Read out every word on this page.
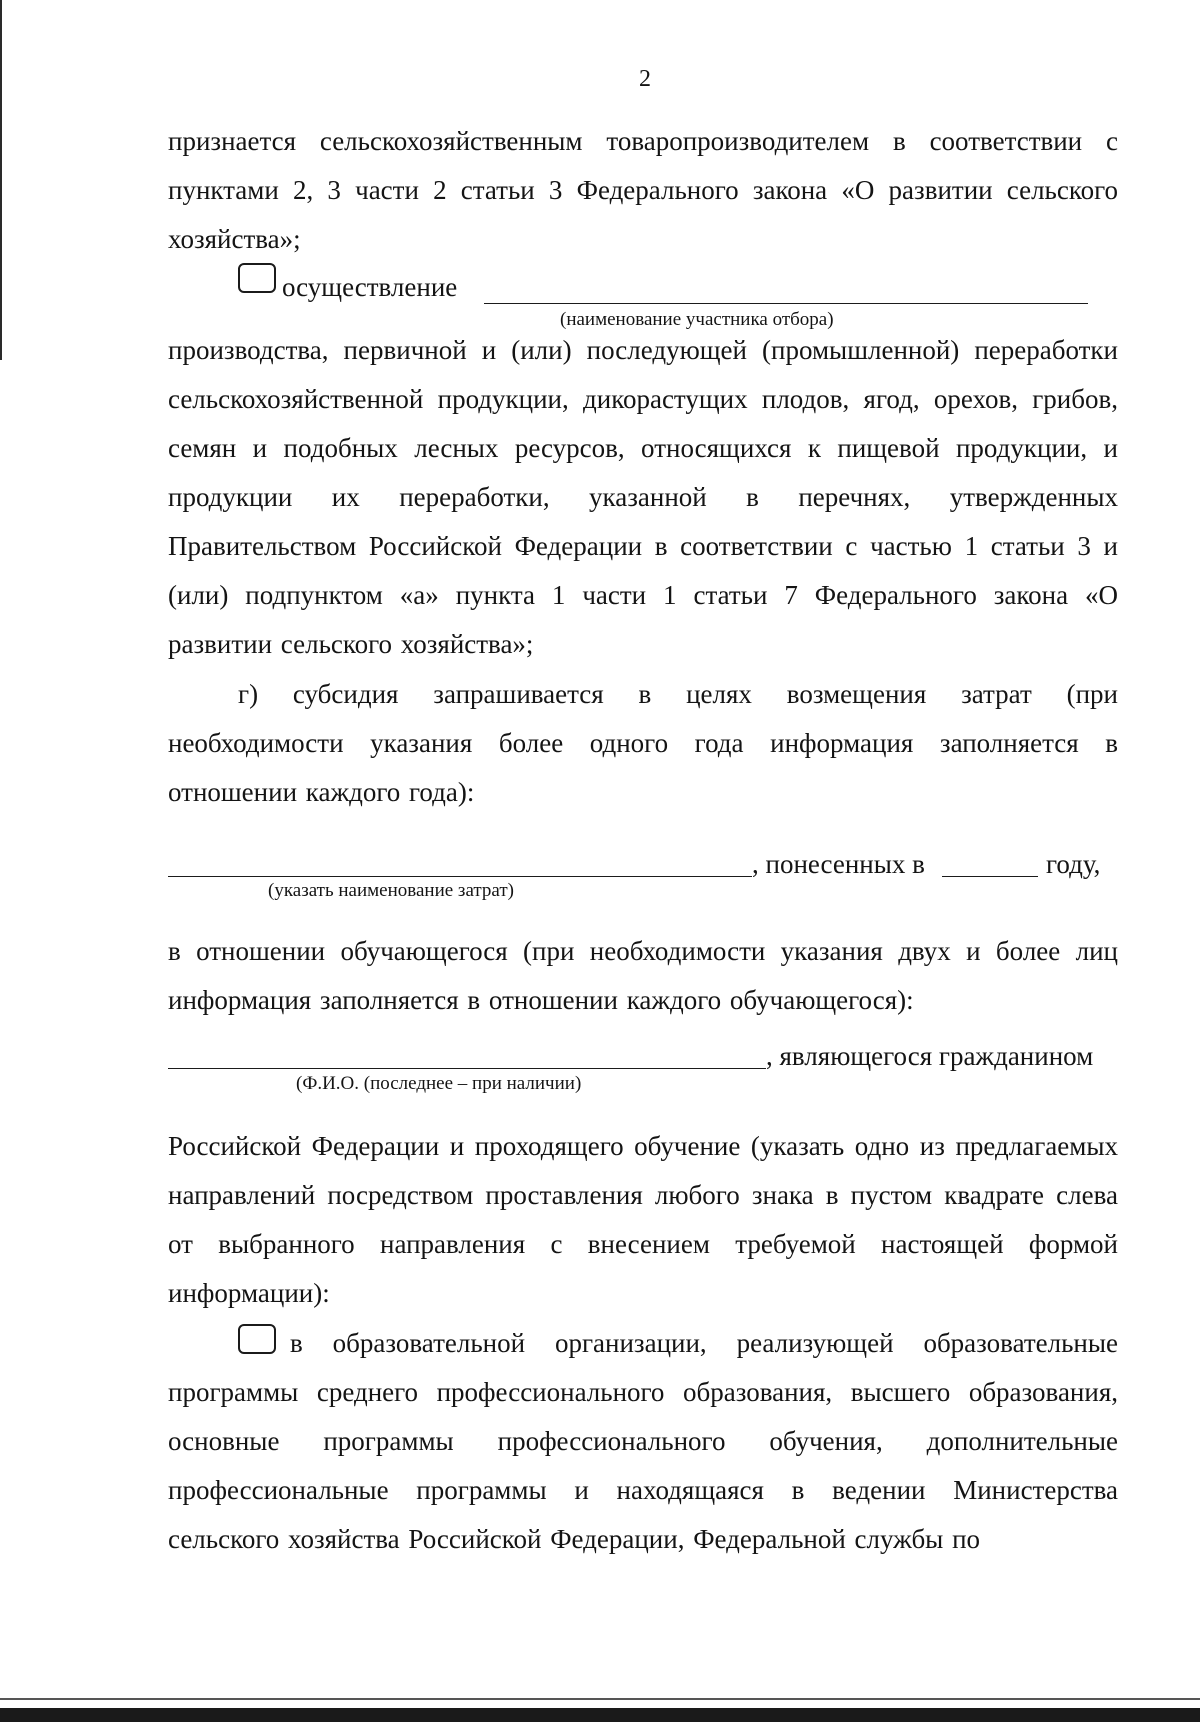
2

признается сельскохозяйственным товаропроизводителем в соответствии с пунктами 2, 3 части 2 статьи 3 Федерального закона «О развитии сельского хозяйства»;

осуществление
(наименование участника отбора)

производства, первичной и (или) последующей (промышленной) переработки сельскохозяйственной продукции, дикорастущих плодов, ягод, орехов, грибов, семян и подобных лесных ресурсов, относящихся к пищевой продукции, и продукции их переработки, указанной в перечнях, утвержденных Правительством Российской Федерации в соответствии с частью 1 статьи 3 и (или) подпунктом «а» пункта 1 части 1 статьи 7 Федерального закона «О развитии сельского хозяйства»;

г) субсидия запрашивается в целях возмещения затрат (при необходимости указания более одного года информация заполняется в отношении каждого года):

, понесенных в	году,
(указать наименование затрат)

в отношении обучающегося (при необходимости указания двух и более лиц информация заполняется в отношении каждого обучающегося):

, являющегося гражданином
(Ф.И.О. (последнее – при наличии)

Российской Федерации и проходящего обучение (указать одно из предлагаемых направлений посредством проставления любого знака в пустом квадрате слева от выбранного направления с внесением требуемой настоящей формой информации):

в образовательной организации, реализующей образовательные программы среднего профессионального образования, высшего образования, основные программы профессионального обучения, дополнительные профессиональные программы и находящаяся в ведении Министерства сельского хозяйства Российской Федерации, Федеральной службы по
